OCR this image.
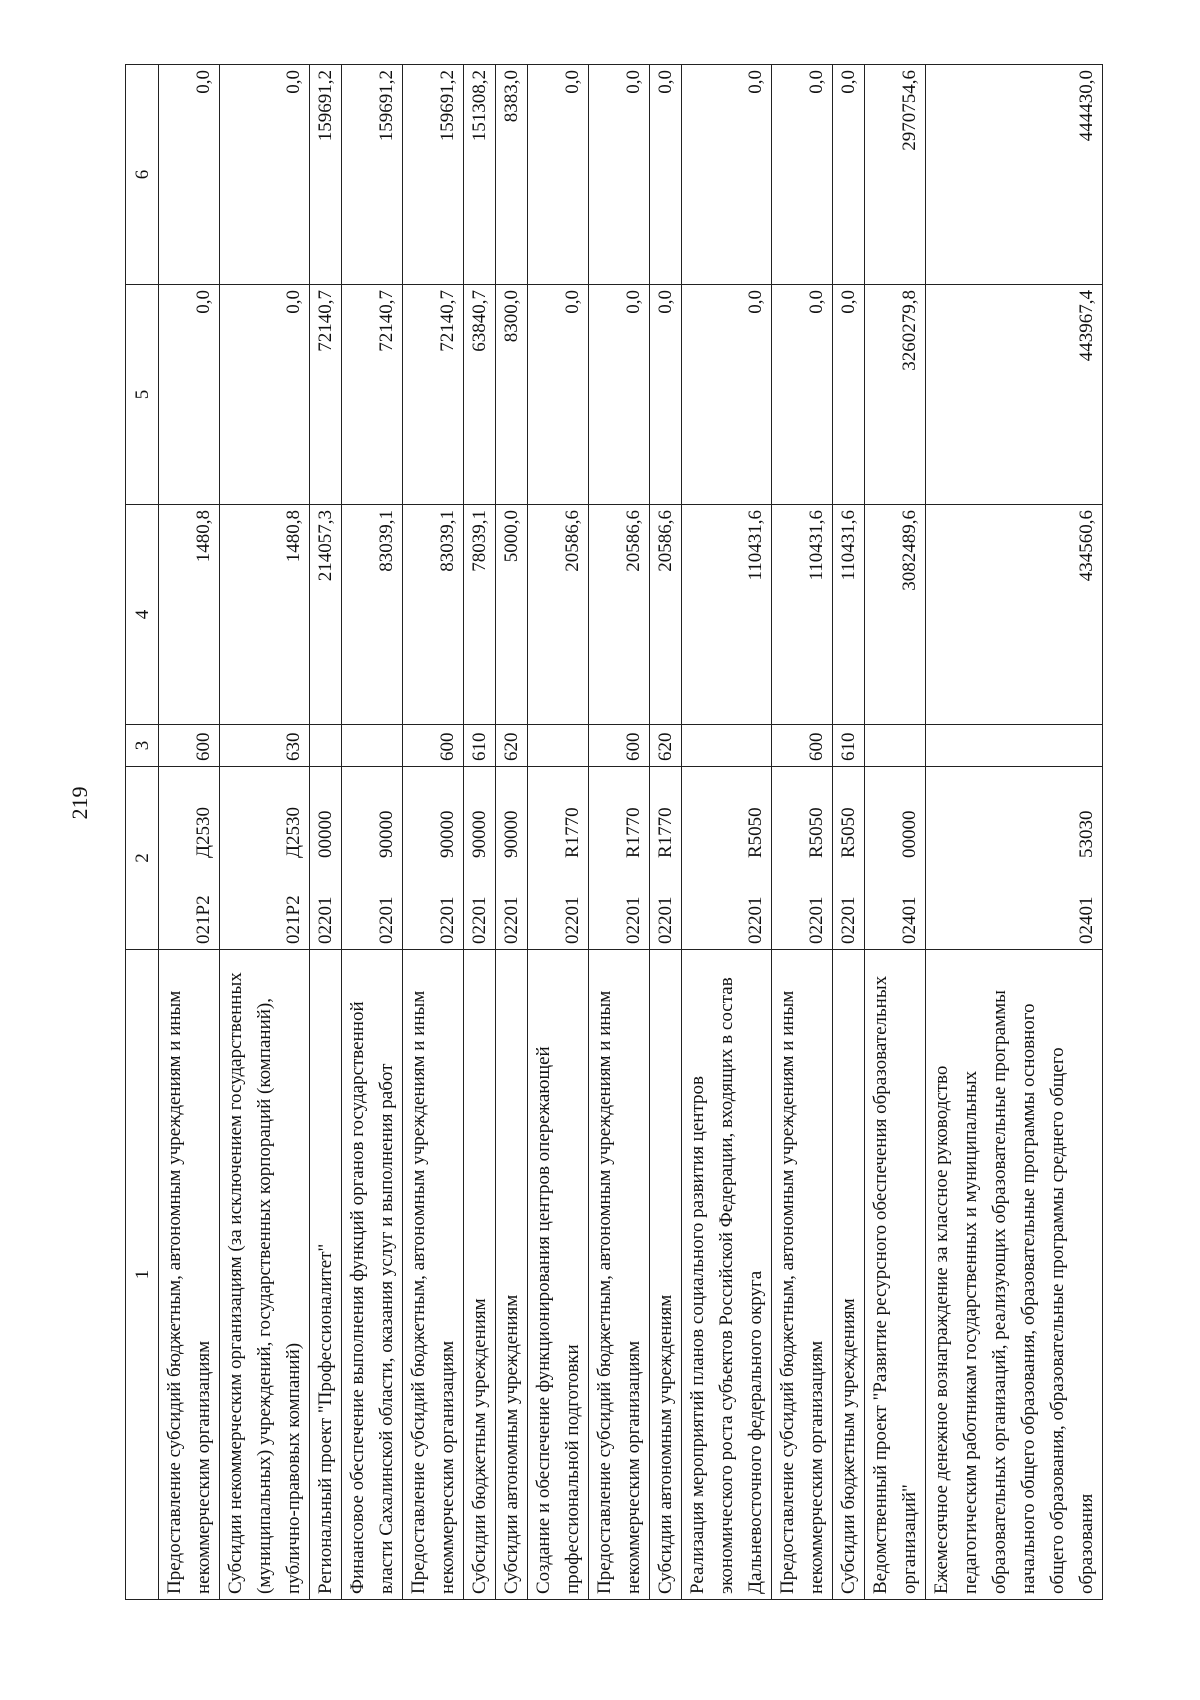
219
1	2	3	4	5	6
Предоставление субсидий бюджетным, автономным учреждениям и иным некоммерческим организациям	021Р2Д2530	600	1480,8	0,0	0,0
Субсидии некоммерческим организациям (за исключением государственных (муниципальных) учреждений, государственных корпораций (компаний), публично-правовых компаний)	021Р2Д2530	630	1480,8	0,0	0,0
Региональный проект "Профессионалитет"	0220100000		214057,3	72140,7	159691,2
Финансовое обеспечение выполнения функций органов государственной власти Сахалинской области, оказания услуг и выполнения работ	0220190000		83039,1	72140,7	159691,2
Предоставление субсидий бюджетным, автономным учреждениям и иным некоммерческим организациям	0220190000	600	83039,1	72140,7	159691,2
Субсидии бюджетным учреждениям	0220190000	610	78039,1	63840,7	151308,2
Субсидии автономным учреждениям	0220190000	620	5000,0	8300,0	8383,0
Создание и обеспечение функционирования центров опережающей профессиональной подготовки	02201R1770		20586,6	0,0	0,0
Предоставление субсидий бюджетным, автономным учреждениям и иным некоммерческим организациям	02201R1770	600	20586,6	0,0	0,0
Субсидии автономным учреждениям	02201R1770	620	20586,6	0,0	0,0
Реализация мероприятий планов социального развития центров экономического роста субъектов Российской Федерации, входящих в состав Дальневосточного федерального округа	02201R5050		110431,6	0,0	0,0
Предоставление субсидий бюджетным, автономным учреждениям и иным некоммерческим организациям	02201R5050	600	110431,6	0,0	0,0
Субсидии бюджетным учреждениям	02201R5050	610	110431,6	0,0	0,0
Ведомственный проект "Развитие ресурсного обеспечения образовательных организаций"	0240100000		3082489,6	3260279,8	2970754,6
Ежемесячное денежное вознаграждение за классное руководство педагогическим работникам государственных и муниципальных образовательных организаций, реализующих образовательные программы начального общего образования, образовательные программы основного общего образования, образовательные программы среднего общего образования	0240153030		434560,6	443967,4	444430,0
